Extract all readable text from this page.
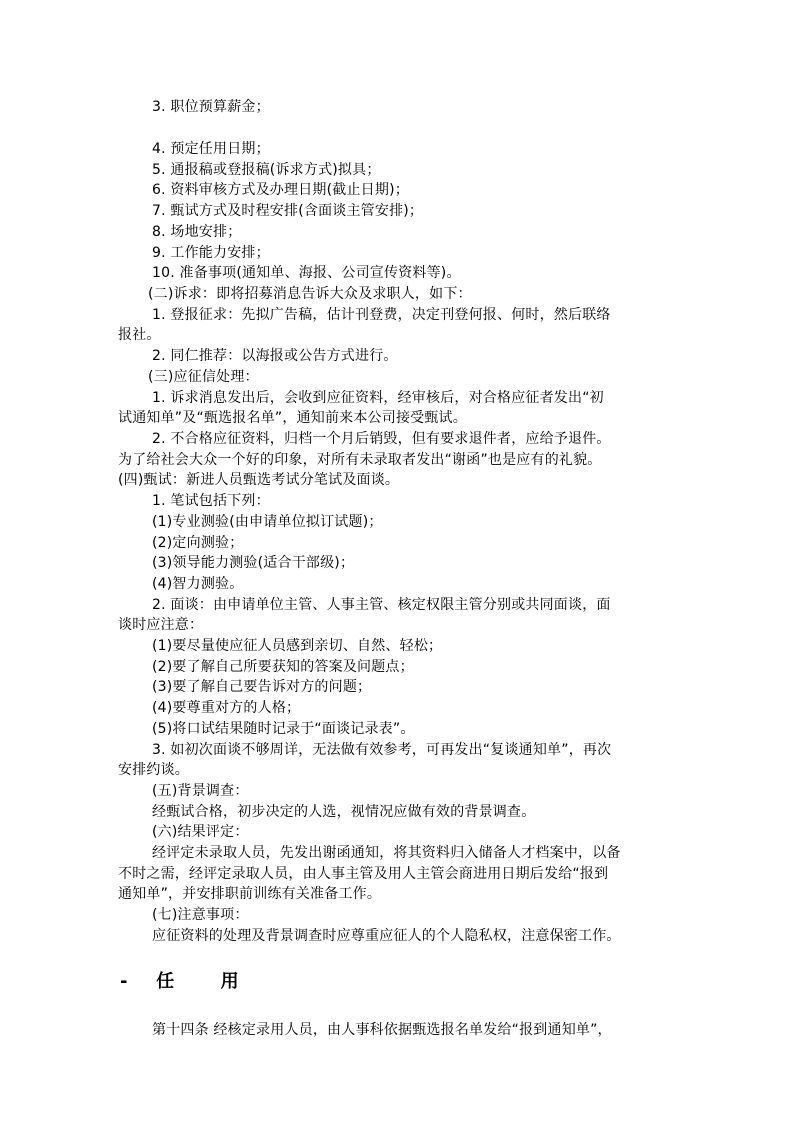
3. 职位预算薪金；
4. 预定任用日期；
5. 通报稿或登报稿(诉求方式)拟具；
6. 资料审核方式及办理日期(截止日期)；
7. 甄试方式及时程安排(含面谈主管安排)；
8. 场地安排；
9. 工作能力安排；
10. 准备事项(通知单、海报、公司宣传资料等)。
(二)诉求：即将招募消息告诉大众及求职人，如下：
1. 登报征求：先拟广告稿，估计刊登费，决定刊登何报、何时，然后联络
报社。
2. 同仁推荐：以海报或公告方式进行。
(三)应征信处理：
1. 诉求消息发出后，会收到应征资料，经审核后，对合格应征者发出“初
试通知单”及“甄选报名单”，通知前来本公司接受甄试。
2. 不合格应征资料，归档一个月后销毁，但有要求退件者，应给予退件。
为了给社会大众一个好的印象，对所有未录取者发出“谢函”也是应有的礼貌。
(四)甄试：新进人员甄选考试分笔试及面谈。
1. 笔试包括下列：
(1)专业测验(由申请单位拟订试题)；
(2)定向测验；
(3)领导能力测验(适合干部级)；
(4)智力测验。
2. 面谈：由申请单位主管、人事主管、核定权限主管分别或共同面谈，面
谈时应注意：
(1)要尽量使应征人员感到亲切、自然、轻松；
(2)要了解自己所要获知的答案及问题点；
(3)要了解自己要告诉对方的问题；
(4)要尊重对方的人格；
(5)将口试结果随时记录于“面谈记录表”。
3. 如初次面谈不够周详，无法做有效参考，可再发出“复谈通知单”，再次
安排约谈。
(五)背景调查：
经甄试合格，初步决定的人选，视情况应做有效的背景调查。
(六)结果评定：
经评定未录取人员，先发出谢函通知，将其资料归入储备人才档案中，以备
不时之需，经评定录取人员，由人事主管及用人主管会商进用日期后发给“报到
通知单”，并安排职前训练有关准备工作。
(七)注意事项：
应征资料的处理及背景调查时应尊重应征人的个人隐私权，注意保密工作。
- 任	用
第十四条 经核定录用人员，由人事科依据甄选报名单发给“报到通知单”，
